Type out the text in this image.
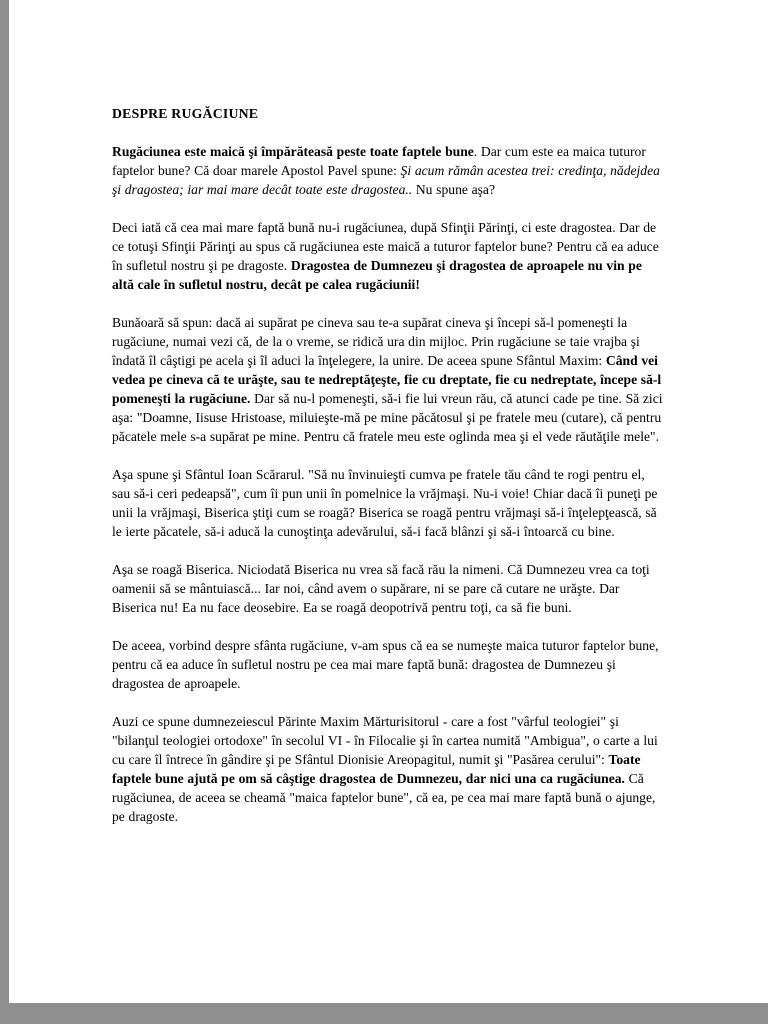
DESPRE RUGĂCIUNE

Rugăciunea este maică şi împărăteasă peste toate faptele bune. Dar cum este ea maica tuturor faptelor bune? Că doar marele Apostol Pavel spune: Şi acum rămân acestea trei: credinţa, nădejdea şi dragostea; iar mai mare decât toate este dragostea.. Nu spune aşa?

Deci iată că cea mai mare faptă bună nu-i rugăciunea, după Sfinţii Părinţi, ci este dragostea. Dar de ce totuşi Sfinţii Părinţi au spus că rugăciunea este maică a tuturor faptelor bune? Pentru că ea aduce în sufletul nostru şi pe dragoste. Dragostea de Dumnezeu şi dragostea de aproapele nu vin pe altă cale în sufletul nostru, decât pe calea rugăciunii!

Bunăoară să spun: dacă ai supărat pe cineva sau te-a supărat cineva şi începi să-l pomeneşti la rugăciune, numai vezi că, de la o vreme, se ridică ura din mijloc. Prin rugăciune se taie vrajba şi îndată îl câştigi pe acela şi îl aduci la înţelegere, la unire. De aceea spune Sfântul Maxim: Când vei vedea pe cineva că te urăşte, sau te nedreptăţeşte, fie cu dreptate, fie cu nedreptate, începe să-l pomeneşti la rugăciune. Dar să nu-l pomeneşti, să-i fie lui vreun rău, că atunci cade pe tine. Să zici aşa: "Doamne, Iisuse Hristoase, miluieşte-mă pe mine păcătosul şi pe fratele meu (cutare), că pentru păcatele mele s-a supărat pe mine. Pentru că fratele meu este oglinda mea şi el vede răutăţile mele".

Aşa spune şi Sfântul Ioan Scărarul. "Să nu învinuieşti cumva pe fratele tău când te rogi pentru el, sau să-i ceri pedeapsă", cum îi pun unii în pomelnice la vrăjmaşi. Nu-i voie! Chiar dacă îi puneţi pe unii la vrăjmaşi, Biserica ştiţi cum se roagă? Biserica se roagă pentru vrăjmaşi să-i înţelepţească, să le ierte păcatele, să-i aducă la cunoştinţa adevărului, să-i facă blânzi şi să-i întoarcă cu bine.

Aşa se roagă Biserica. Niciodată Biserica nu vrea să facă rău la nimeni. Că Dumnezeu vrea ca toţi oamenii să se mântuiască... Iar noi, când avem o supărare, ni se pare că cutare ne urăşte. Dar Biserica nu! Ea nu face deosebire. Ea se roagă deopotrivă pentru toţi, ca să fie buni.

De aceea, vorbind despre sfânta rugăciune, v-am spus că ea se numeşte maica tuturor faptelor bune, pentru că ea aduce în sufletul nostru pe cea mai mare faptă bună: dragostea de Dumnezeu şi dragostea de aproapele.

Auzi ce spune dumnezeiescul Părinte Maxim Mărturisitorul - care a fost "vârful teologiei" şi "bilanţul teologiei ortodoxe" în secolul VI - în Filocalie şi în cartea numită "Ambigua", o carte a lui cu care îl întrece în gândire şi pe Sfântul Dionisie Areopagitul, numit şi "Pasărea cerului": Toate faptele bune ajută pe om să câştige dragostea de Dumnezeu, dar nici una ca rugăciunea. Că rugăciunea, de aceea se cheamă "maica faptelor bune", că ea, pe cea mai mare faptă bună o ajunge, pe dragoste.
